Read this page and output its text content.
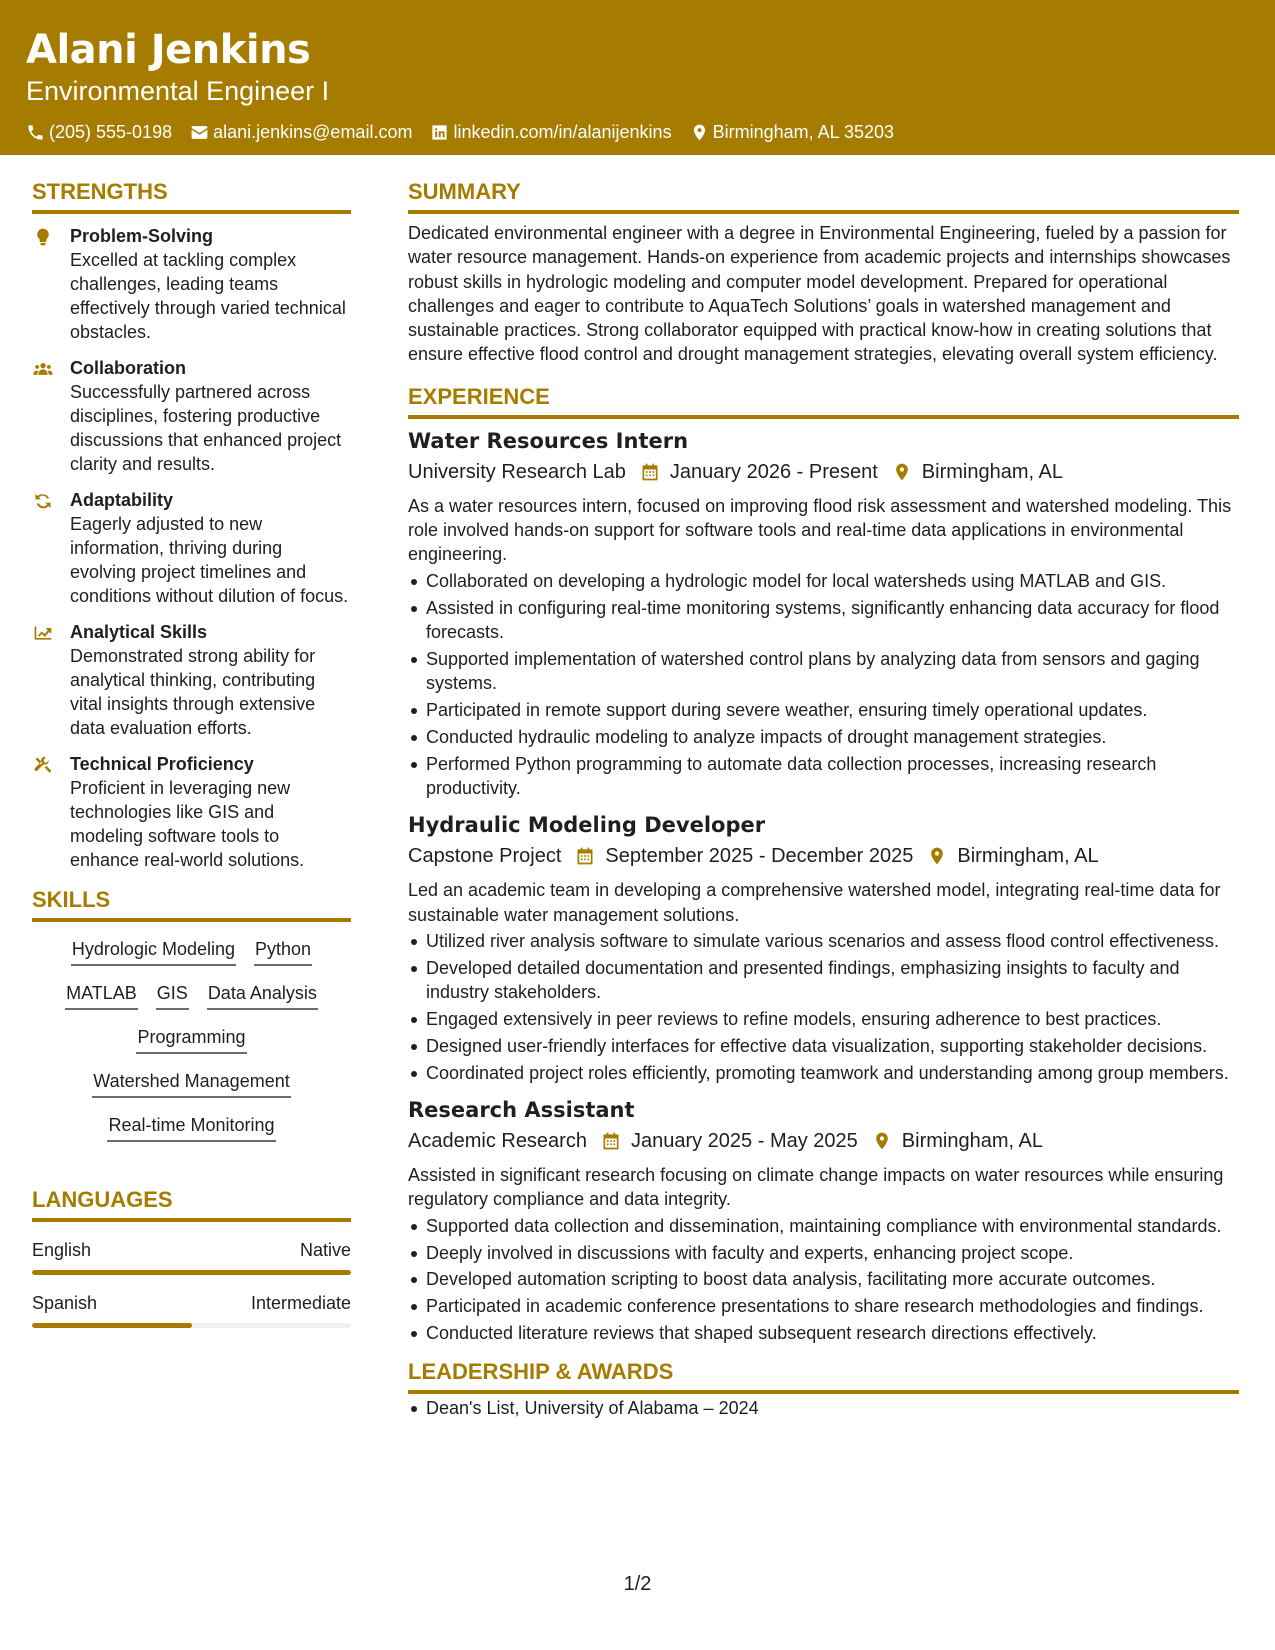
Alani Jenkins
Environmental Engineer I
(205) 555-0198 alani.jenkins@email.com linkedin.com/in/alanijenkins Birmingham, AL 35203
STRENGTHS
Problem-Solving
Excelled at tackling complex challenges, leading teams effectively through varied technical obstacles.
Collaboration
Successfully partnered across disciplines, fostering productive discussions that enhanced project clarity and results.
Adaptability
Eagerly adjusted to new information, thriving during evolving project timelines and conditions without dilution of focus.
Analytical Skills
Demonstrated strong ability for analytical thinking, contributing vital insights through extensive data evaluation efforts.
Technical Proficiency
Proficient in leveraging new technologies like GIS and modeling software tools to enhance real-world solutions.
SKILLS
Hydrologic Modeling Python
MATLAB GIS Data Analysis
Programming
Watershed Management
Real-time Monitoring
LANGUAGES
English	Native
Spanish	Intermediate
SUMMARY

Dedicated environmental engineer with a degree in Environmental Engineering, fueled by a passion for water resource management. Hands-on experience from academic projects and internships showcases robust skills in hydrologic modeling and computer model development. Prepared for operational challenges and eager to contribute to AquaTech Solutions’ goals in watershed management and sustainable practices. Strong collaborator equipped with practical know-how in creating solutions that ensure effective flood control and drought management strategies, elevating overall system efficiency.

EXPERIENCE
Water Resources Intern
University Research Lab January 2026 - Present Birmingham, AL

As a water resources intern, focused on improving flood risk assessment and watershed modeling. This role involved hands-on support for software tools and real-time data applications in environmental engineering.

Collaborated on developing a hydrologic model for local watersheds using MATLAB and GIS.
Assisted in configuring real-time monitoring systems, significantly enhancing data accuracy for flood forecasts.
Supported implementation of watershed control plans by analyzing data from sensors and gaging systems.
Participated in remote support during severe weather, ensuring timely operational updates.
Conducted hydraulic modeling to analyze impacts of drought management strategies.
Performed Python programming to automate data collection processes, increasing research productivity.
Hydraulic Modeling Developer
Capstone Project September 2025 - December 2025 Birmingham, AL

Led an academic team in developing a comprehensive watershed model, integrating real-time data for sustainable water management solutions.

Utilized river analysis software to simulate various scenarios and assess flood control effectiveness.
Developed detailed documentation and presented findings, emphasizing insights to faculty and industry stakeholders.
Engaged extensively in peer reviews to refine models, ensuring adherence to best practices.
Designed user-friendly interfaces for effective data visualization, supporting stakeholder decisions.
Coordinated project roles efficiently, promoting teamwork and understanding among group members.
Research Assistant
Academic Research January 2025 - May 2025 Birmingham, AL

Assisted in significant research focusing on climate change impacts on water resources while ensuring regulatory compliance and data integrity.

Supported data collection and dissemination, maintaining compliance with environmental standards.
Deeply involved in discussions with faculty and experts, enhancing project scope.
Developed automation scripting to boost data analysis, facilitating more accurate outcomes.
Participated in academic conference presentations to share research methodologies and findings.
Conducted literature reviews that shaped subsequent research directions effectively.
LEADERSHIP & AWARDS
Dean's List, University of Alabama – 2024
1/2
